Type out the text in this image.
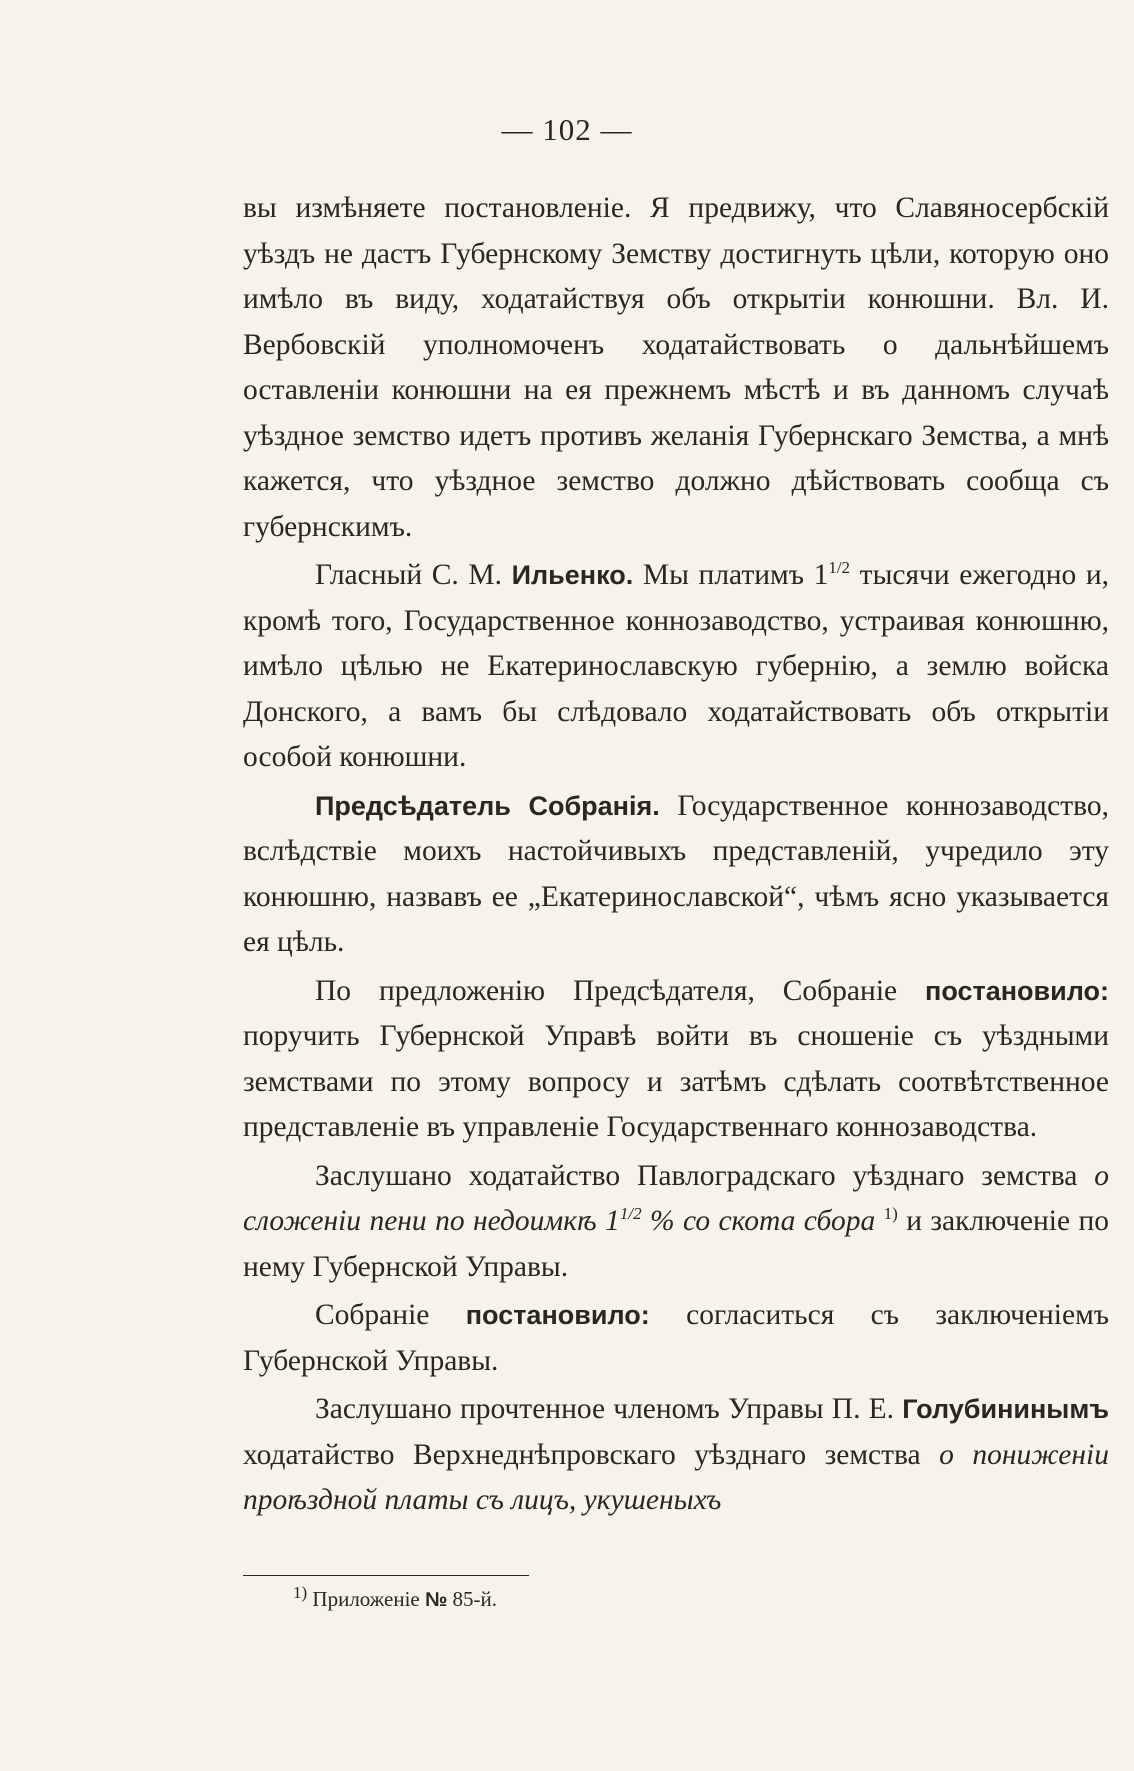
— 102 —

вы измѣняете постановленіе. Я предвижу, что Славяносербскій уѣздъ не дастъ Губернскому Земству достигнуть цѣли, которую оно имѣло въ виду, ходатайствуя объ открытіи конюшни. Вл. И. Вербовскій уполномоченъ ходатайствовать о дальнѣйшемъ оставленіи конюшни на ея прежнемъ мѣстѣ и въ данномъ случаѣ уѣздное земство идетъ противъ желанія Губернскаго Земства, а мнѣ кажется, что уѣздное земство должно дѣйствовать сообща съ губернскимъ.

Гласный С. М. Ильенко. Мы платимъ $1^{1/2}$ тысячи ежегодно и, кромѣ того, Государственное коннозаводство, устраивая конюшню, имѣло цѣлью не Екатеринославскую губернію, а землю войска Донского, а вамъ бы слѣдовало ходатайствовать объ открытіи особой конюшни.

Предсѣдатель Собранія. Государственное коннозаводство, вслѣдствіе моихъ настойчивыхъ представленій, учредило эту конюшню, назвавъ ее „Екатеринославской“, чѣмъ ясно указывается ея цѣль.

По предложенію Предсѣдателя, Собраніе постановило: поручить Губернской Управѣ войти въ сношеніе съ уѣздными земствами по этому вопросу и затѣмъ сдѣлать соотвѣтственное представленіе въ управленіе Государственнаго коннозаводства.

Заслушано ходатайство Павлоградскаго уѣзднаго земства о сложеніи пени по недоимкѣ $1^{1/2}$ % со скота сбора $^{1)}$ и заключеніе по нему Губернской Управы.

Собраніе постановило: согласиться съ заключеніемъ Губернской Управы.

Заслушано прочтенное членомъ Управы П. Е. Голубининымъ ходатайство Верхнеднѣпровскаго уѣзднаго земства о пониженіи проѣздной платы съ лицъ, укушеныхъ

$^{1)}$ Приложеніе № 85-й.
